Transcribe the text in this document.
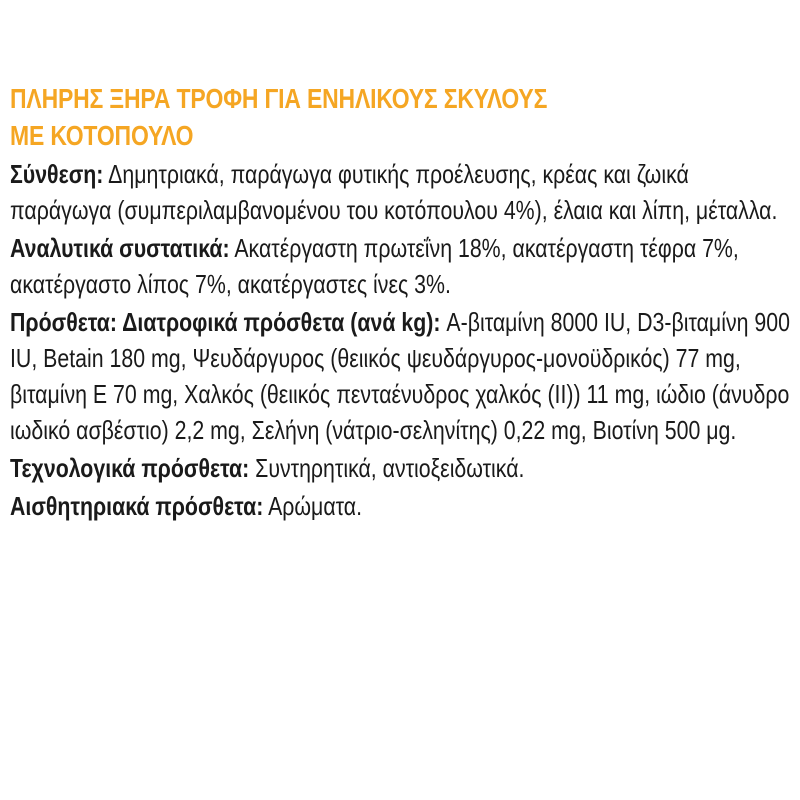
ΠΛΗΡΗΣ ΞΗΡΑ ΤΡΟΦΗ ΓΙΑ ΕΝΗΛΙΚΟΥΣ ΣΚΥΛΟΥΣ
ΜΕ ΚΟΤΟΠΟΥΛΟ

Σύνθεση: Δημητριακά, παράγωγα φυτικής προέλευσης, κρέας και ζωικά παράγωγα (συμπεριλαμβανομένου του κοτόπουλου 4%), έλαια και λίπη, μέταλλα.

Αναλυτικά συστατικά: Ακατέργαστη πρωτεΐνη 18%, ακατέργαστη τέφρα 7%, ακατέργαστο λίπος 7%, ακατέργαστες ίνες 3%.

Πρόσθετα: Διατροφικά πρόσθετα (ανά kg): A-βιταμίνη 8000 IU, D3-βιταμίνη 900 IU, Betain 180 mg, Ψευδάργυρος (θειικός ψευδάργυρος-μονοϋδρικός) 77 mg, βιταμίνη E 70 mg, Χαλκός (θειικός πενταένυδρος χαλκός (II)) 11 mg, ιώδιο (άνυδρο ιωδικό ασβέστιο) 2,2 mg, Σελήνη (νάτριο-σεληνίτης) 0,22 mg, Βιοτίνη 500 μg.

Τεχνολογικά πρόσθετα: Συντηρητικά, αντιοξειδωτικά.

Αισθητηριακά πρόσθετα: Αρώματα.
